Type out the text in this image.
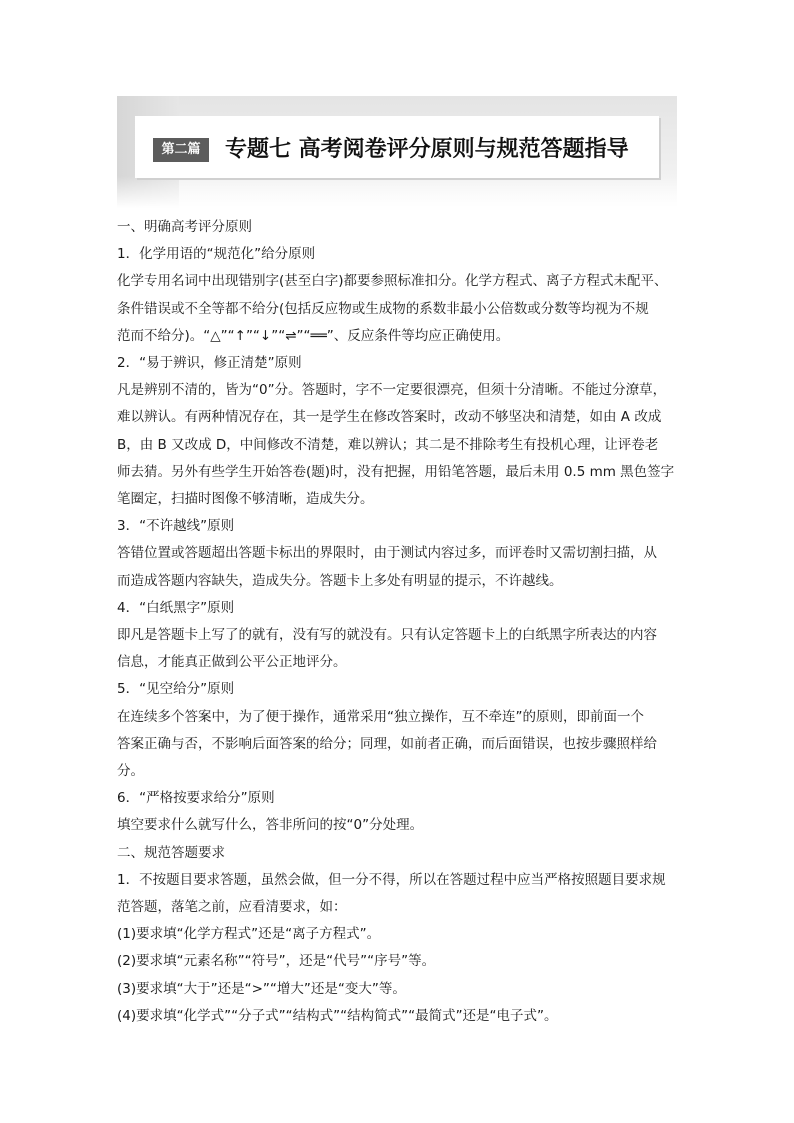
第二篇	专题七 高考阅卷评分原则与规范答题指导
一、明确高考评分原则
1．化学用语的“规范化”给分原则
化学专用名词中出现错别字(甚至白字)都要参照标准扣分。化学方程式、离子方程式未配平、
条件错误或不全等都不给分(包括反应物或生成物的系数非最小公倍数或分数等均视为不规
范而不给分)。“△”“↑”“↓”“⇌”“══”、反应条件等均应正确使用。
2．“易于辨识，修正清楚”原则
凡是辨别不清的，皆为“0”分。答题时，字不一定要很漂亮，但须十分清晰。不能过分潦草，
难以辨认。有两种情况存在，其一是学生在修改答案时，改动不够坚决和清楚，如由 A 改成
B，由 B 又改成 D，中间修改不清楚，难以辨认；其二是不排除考生有投机心理，让评卷老
师去猜。另外有些学生开始答卷(题)时，没有把握，用铅笔答题，最后未用 0.5 mm 黑色签字
笔圈定，扫描时图像不够清晰，造成失分。
3．“不许越线”原则
答错位置或答题超出答题卡标出的界限时，由于测试内容过多，而评卷时又需切割扫描，从
而造成答题内容缺失，造成失分。答题卡上多处有明显的提示，不许越线。
4．“白纸黑字”原则
即凡是答题卡上写了的就有，没有写的就没有。只有认定答题卡上的白纸黑字所表达的内容
信息，才能真正做到公平公正地评分。
5．“见空给分”原则
在连续多个答案中，为了便于操作，通常采用“独立操作，互不牵连”的原则，即前面一个
答案正确与否，不影响后面答案的给分；同理，如前者正确，而后面错误，也按步骤照样给
分。
6．“严格按要求给分”原则
填空要求什么就写什么，答非所问的按“0”分处理。
二、规范答题要求
1．不按题目要求答题，虽然会做，但一分不得，所以在答题过程中应当严格按照题目要求规
范答题，落笔之前，应看清要求，如：
(1)要求填“化学方程式”还是“离子方程式”。
(2)要求填“元素名称”“符号”，还是“代号”“序号”等。
(3)要求填“大于”还是“>”“增大”还是“变大”等。
(4)要求填“化学式”“分子式”“结构式”“结构简式”“最简式”还是“电子式”。
